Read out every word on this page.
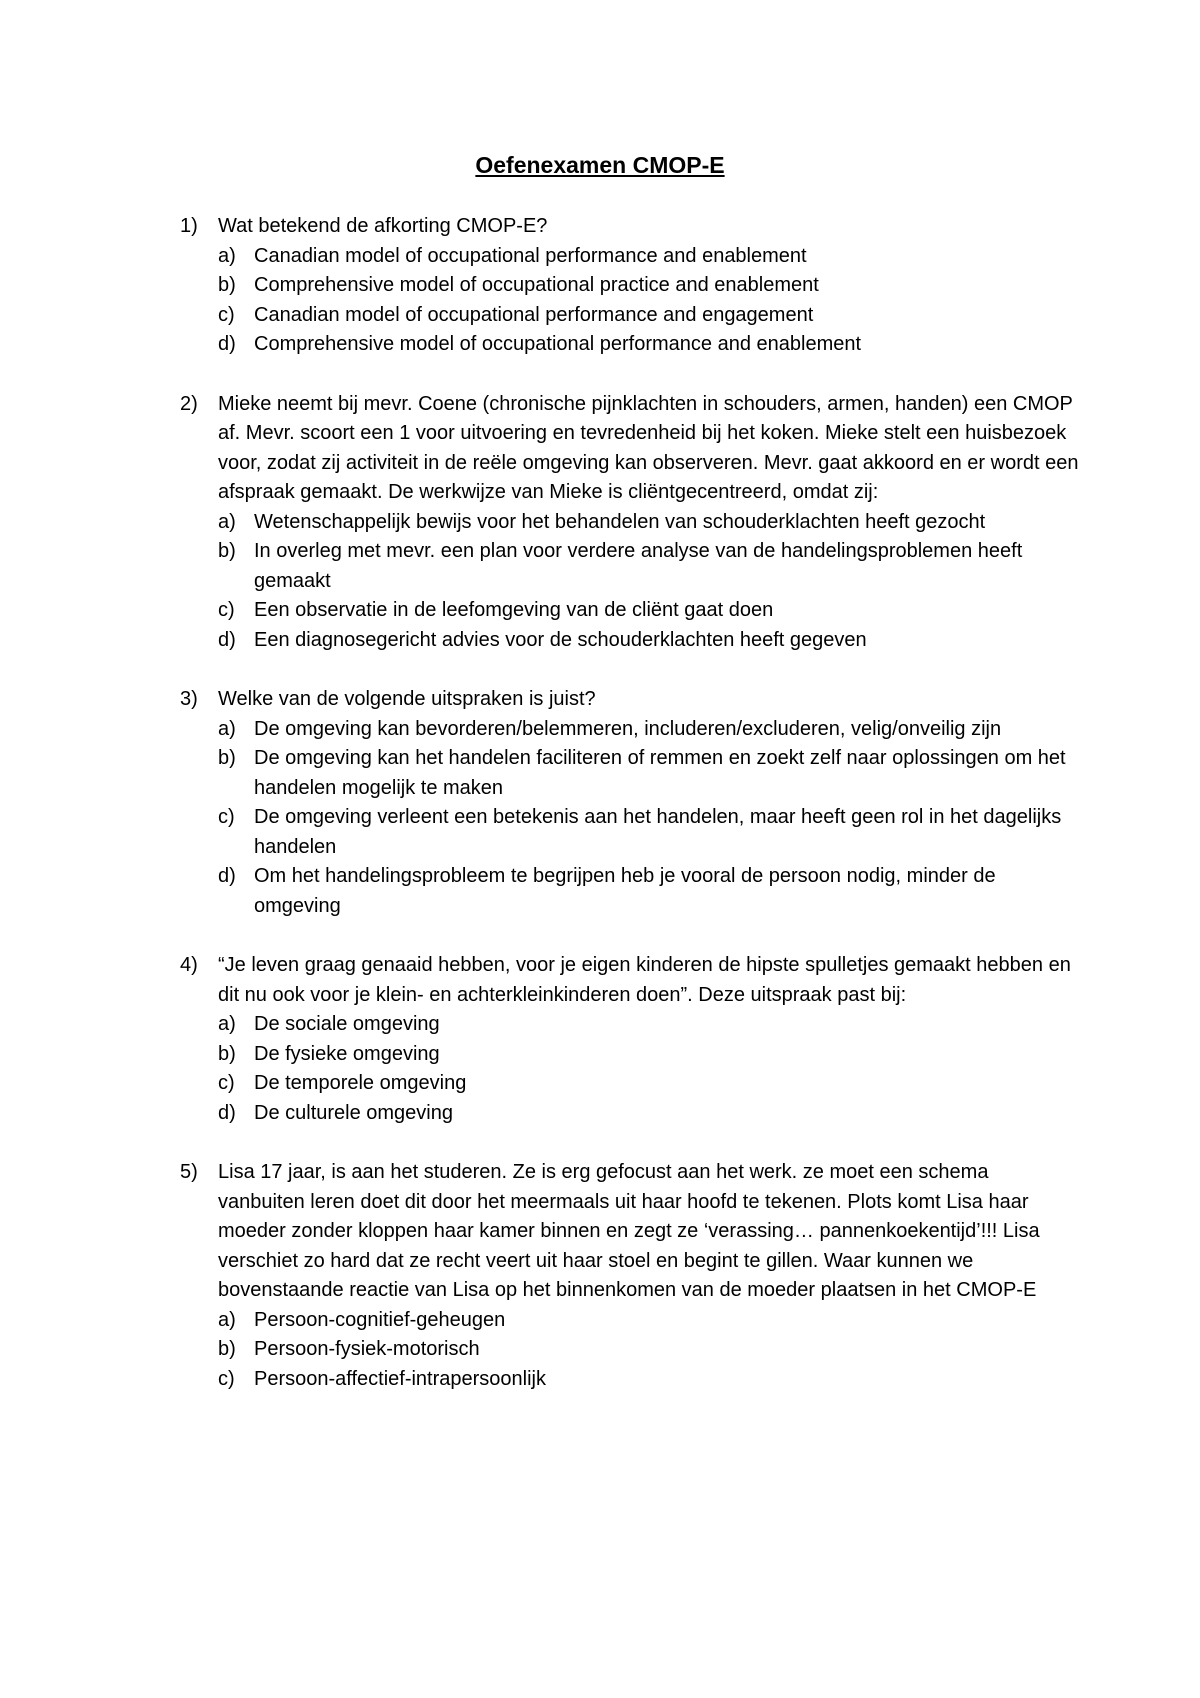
Oefenexamen CMOP-E
1)	Wat betekend de afkorting CMOP-E?
a) Canadian model of occupational performance and enablement
b) Comprehensive model of occupational practice and enablement
c) Canadian model of occupational performance and engagement
d) Comprehensive model of occupational performance and enablement
2)	Mieke neemt bij mevr. Coene (chronische pijnklachten in schouders, armen, handen) een CMOP af. Mevr. scoort een 1 voor uitvoering en tevredenheid bij het koken. Mieke stelt een huisbezoek voor, zodat zij activiteit in de reële omgeving kan observeren. Mevr. gaat akkoord en er wordt een afspraak gemaakt. De werkwijze van Mieke is cliëntgecentreerd, omdat zij:
a) Wetenschappelijk bewijs voor het behandelen van schouderklachten heeft gezocht
b) In overleg met mevr. een plan voor verdere analyse van de handelingsproblemen heeft gemaakt
c) Een observatie in de leefomgeving van de cliënt gaat doen
d) Een diagnosegericht advies voor de schouderklachten heeft gegeven
3)	Welke van de volgende uitspraken is juist?
a) De omgeving kan bevorderen/belemmeren, includeren/excluderen, velig/onveilig zijn
b) De omgeving kan het handelen faciliteren of remmen en zoekt zelf naar oplossingen om het handelen mogelijk te maken
c) De omgeving verleent een betekenis aan het handelen, maar heeft geen rol in het dagelijks handelen
d) Om het handelingsprobleem te begrijpen heb je vooral de persoon nodig, minder de omgeving
4)	“Je leven graag genaaid hebben, voor je eigen kinderen de hipste spulletjes gemaakt hebben en dit nu ook voor je klein- en achterkleinkinderen doen”. Deze uitspraak past bij:
a) De sociale omgeving
b) De fysieke omgeving
c) De temporele omgeving
d) De culturele omgeving
5)	Lisa 17 jaar, is aan het studeren. Ze is erg gefocust aan het werk. ze moet een schema vanbuiten leren doet dit door het meermaals uit haar hoofd te tekenen. Plots komt Lisa haar moeder zonder kloppen haar kamer binnen en zegt ze ‘verassing… pannenkoekentijd’!!! Lisa verschiet zo hard dat ze recht veert uit haar stoel en begint te gillen. Waar kunnen we bovenstaande reactie van Lisa op het binnenkomen van de moeder plaatsen in het CMOP-E
a) Persoon-cognitief-geheugen
b) Persoon-fysiek-motorisch
c) Persoon-affectief-intrapersoonlijk
